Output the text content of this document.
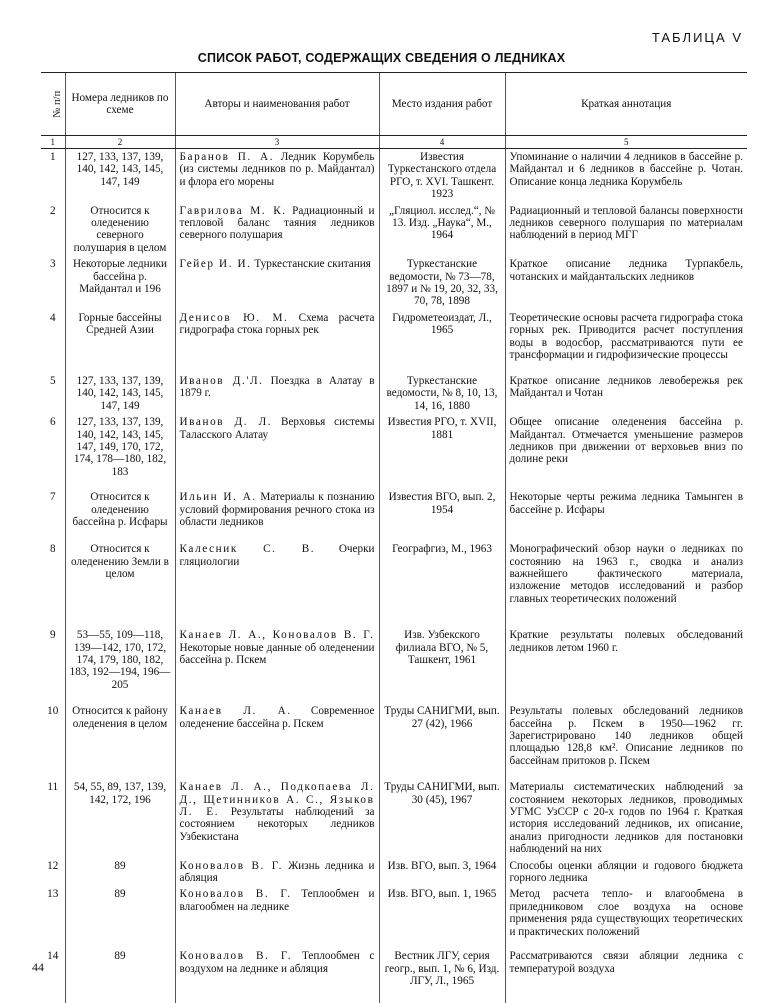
ТАБЛИЦА V
СПИСОК РАБОТ, СОДЕРЖАЩИХ СВЕДЕНИЯ О ЛЕДНИКАХ
№ п/п	Номера ледников по схеме	Авторы и наименования работ	Место издания работ	Краткая аннотация
1	2	3	4	5
1	127, 133, 137, 139, 140, 142, 143, 145, 147, 149	Баранов П. А. Ледник Корумбель (из системы ледников по р. Майдантал) и флора его морены	Известия Туркестанского отдела РГО, т. XVI. Ташкент. 1923	Упоминание о наличии 4 ледников в бассейне р. Майдантал и 6 ледников в бассейне р. Чотан. Описание конца ледника Корумбель
2	Относится к оледенению северного полушария в целом	Гаврилова М. К. Радиационный и тепловой баланс таяния ледников северного полушария	„Гляциол. исслед.“, № 13. Изд. „Наука“, М., 1964	Радиационный и тепловой балансы поверхности ледников северного полушария по материалам наблюдений в период МГГ
3	Некоторые ледники бассейна р. Майдантал и 196	Гейер И. И. Туркестанские скитания	Туркестанские ведомости, № 73—78, 1897 и № 19, 20, 32, 33, 70, 78, 1898	Краткое описание ледника Турпакбель, чотанских и майдантальских ледников
4	Горные бассейны Средней Азии	Денисов Ю. М. Схема расчета гидрографа стока горных рек	Гидрометеоиздат, Л., 1965	Теоретические основы расчета гидрографа стока горных рек. Приводится расчет поступления воды в водосбор, рассматриваются пути ее трансформации и гидрофизические процессы
5	127, 133, 137, 139, 140, 142, 143, 145, 147, 149	Иванов Д.'Л. Поездка в Алатау в 1879 г.	Туркестанские ведомости, № 8, 10, 13, 14, 16, 1880	Краткое описание ледников левобережья рек Майдантал и Чотан
6	127, 133, 137, 139, 140, 142, 143, 145, 147, 149, 170, 172, 174, 178—180, 182, 183	Иванов Д. Л. Верховья системы Таласского Алатау	Известия РГО, т. XVII, 1881	Общее описание оледенения бассейна р. Майдантал. Отмечается уменьшение размеров ледников при движении от верховьев вниз по долине реки
7	Относится к оледенению бассейна р. Исфары	Ильин И. А. Материалы к познанию условий формирования речного стока из области ледников	Известия ВГО, вып. 2, 1954	Некоторые черты режима ледника Тамынген в бассейне р. Исфары
8	Относится к оледенению Земли в целом	Калесник С. В. Очерки гляциологии	Географгиз, М., 1963	Монографический обзор науки о ледниках по состоянию на 1963 г., сводка и анализ важнейшего фактического материала, изложение методов исследований и разбор главных теоретических положений
9	53—55, 109—118, 139—142, 170, 172, 174, 179, 180, 182, 183, 192—194, 196—205	Канаев Л. А., Коновалов В. Г. Некоторые новые данные об оледенении бассейна р. Пскем	Изв. Узбекского филиала ВГО, № 5, Ташкент, 1961	Краткие результаты полевых обследований ледников летом 1960 г.
10	Относится к району оледенения в целом	Канаев Л. А. Современное оледенение бассейна р. Пскем	Труды САНИГМИ, вып. 27 (42), 1966	Результаты полевых обследований ледников бассейна р. Пскем в 1950—1962 гг. Зарегистрировано 140 ледников общей площадью 128,8 км². Описание ледников по бассейнам притоков р. Пскем
11	54, 55, 89, 137, 139, 142, 172, 196	Канаев Л. А., Подкопаева Л. Д., Щетинников А. С., Языков Л. Е. Результаты наблюдений за состоянием некоторых ледников Узбекистана	Труды САНИГМИ, вып. 30 (45), 1967	Материалы систематических наблюдений за состоянием некоторых ледников, проводимых УГМС УзССР с 20-х годов по 1964 г. Краткая история исследований ледников, их описание, анализ пригодности ледников для постановки наблюдений на них
12	89	Коновалов В. Г. Жизнь ледника и абляция	Изв. ВГО, вып. 3, 1964	Способы оценки абляции и годового бюджета горного ледника
13	89	Коновалов В. Г. Теплообмен и влагообмен на леднике	Изв. ВГО, вып. 1, 1965	Метод расчета тепло- и влагообмена в приледниковом слое воздуха на основе применения ряда существующих теоретических и практических положений
14	89	Коновалов В. Г. Теплообмен с воздухом на леднике и абляция	Вестник ЛГУ, серия геогр., вып. 1, № 6, Изд. ЛГУ, Л., 1965	Рассматриваются связи абляции ледника с температурой воздуха
44
